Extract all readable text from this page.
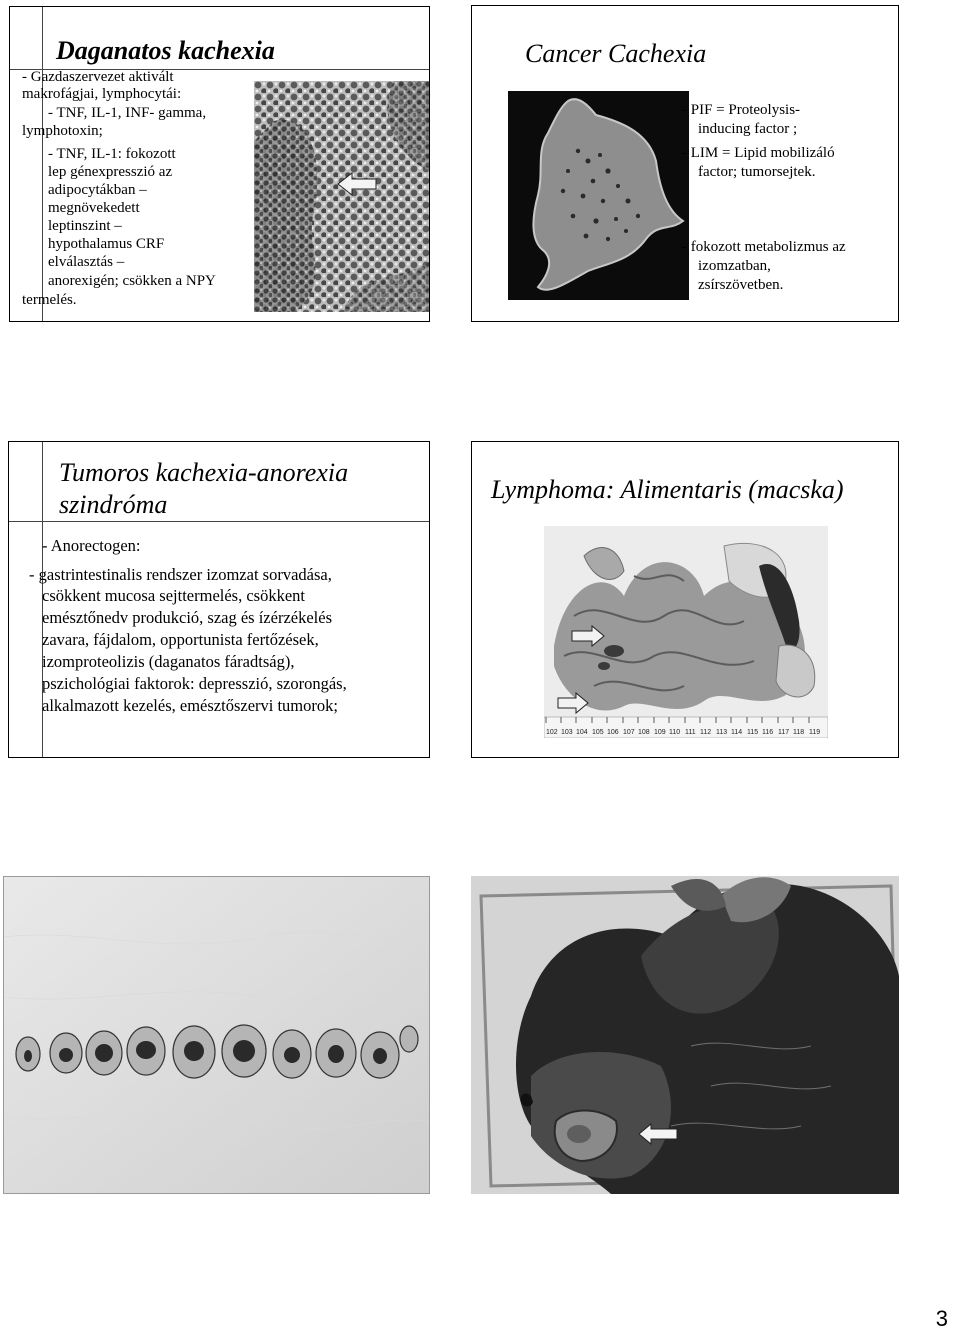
Daganatos kachexia
- Gazdaszervezet aktivált
makrofágjai, lymphocytái:
- TNF, IL-1, INF- gamma,
lymphotoxin;
- TNF, IL-1: fokozott
lep génexpresszió az
adipocytákban –
megnövekedett
leptinszint –
hypothalamus CRF
elválasztás –
anorexigén; csökken a NPY
termelés.
Cancer Cachexia
- PIF = Proteolysis-
inducing factor ;
- LIM = Lipid mobilizáló
factor; tumorsejtek.
- fokozott metabolizmus az
izomzatban,
zsírszövetben.
Tumoros kachexia-anorexia
szindróma
- Anorectogen:
- gastrintestinalis rendszer izomzat sorvadása,
csökkent mucosa sejttermelés, csökkent
emésztőnedv produkció, szag és ízérzékelés
zavara, fájdalom, opportunista fertőzések,
izomproteolizis (daganatos fáradtság),
pszichológiai faktorok: depresszió, szorongás,
alkalmazott kezelés, emésztőszervi tumorok;
Lymphoma: Alimentaris (macska)
102 103 104 105 106 107 108 109 110 111 112 113 114 115 116 117 118 119
3
